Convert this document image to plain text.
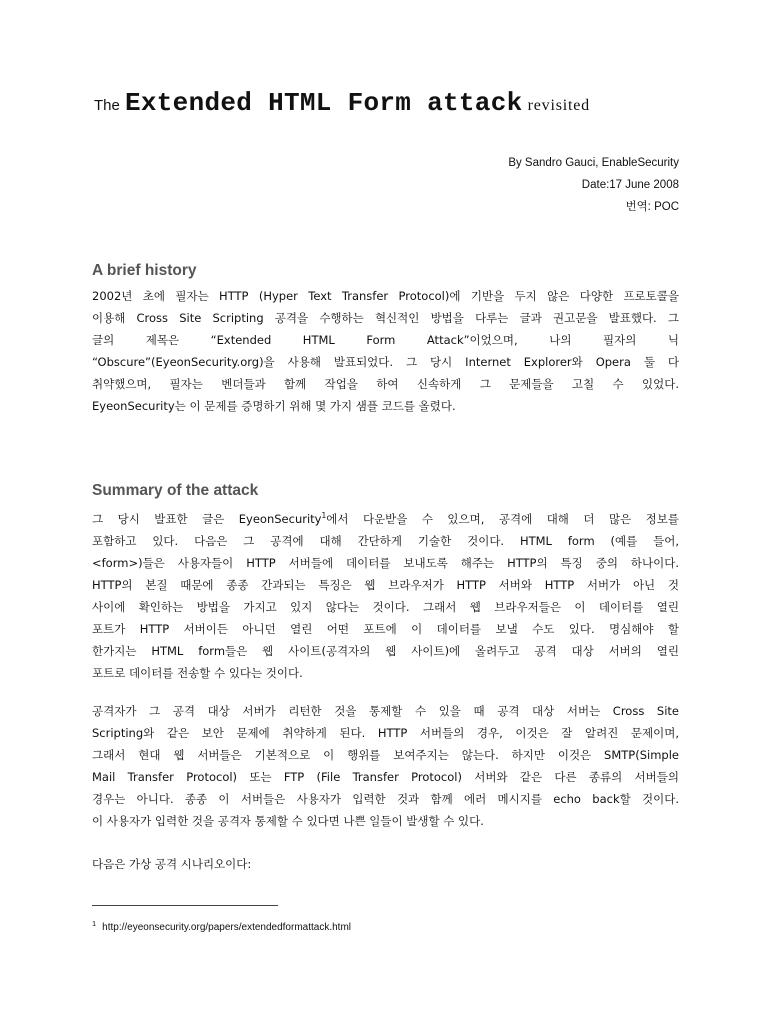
The Extended HTML Form attack revisited
By Sandro Gauci, EnableSecurity
Date:17 June 2008
번역: POC
A brief history
2002년 초에 필자는 HTTP (Hyper Text Transfer Protocol)에 기반을 두지 않은 다양한 프로토콜을
이용해 Cross Site Scripting 공격을 수행하는 혁신적인 방법을 다루는 글과 권고문을 발표했다. 그
글의 제목은 “Extended HTML Form Attack”이었으며, 나의 필자의 닉
“Obscure”(EyeonSecurity.org)을 사용해 발표되었다. 그 당시 Internet Explorer와 Opera 둘 다
취약했으며, 필자는 벤더들과 함께 작업을 하여 신속하게 그 문제들을 고칠 수 있었다.
EyeonSecurity는 이 문제를 증명하기 위해 몇 가지 샘플 코드를 올렸다.
Summary of the attack
그 당시 발표한 글은 EyeonSecurity$^1$에서 다운받을 수 있으며, 공격에 대해 더 많은 정보를
포함하고 있다. 다음은 그 공격에 대해 간단하게 기술한 것이다. HTML form (예를 들어,
<form>)들은 사용자들이 HTTP 서버들에 데이터를 보내도록 해주는 HTTP의 특징 중의 하나이다.
HTTP의 본질 때문에 종종 간과되는 특징은 웹 브라우저가 HTTP 서버와 HTTP 서버가 아닌 것
사이에 확인하는 방법을 가지고 있지 않다는 것이다. 그래서 웹 브라우저들은 이 데이터를 열린
포트가 HTTP 서버이든 아니던 열린 어떤 포트에 이 데이터를 보낼 수도 있다. 명심해야 할
한가지는 HTML form들은 웹 사이트(공격자의 웹 사이트)에 올려두고 공격 대상 서버의 열린
포트로 데이터를 전송할 수 있다는 것이다.
공격자가 그 공격 대상 서버가 리턴한 것을 통제할 수 있을 때 공격 대상 서버는 Cross Site
Scripting와 같은 보안 문제에 취약하게 된다. HTTP 서버들의 경우, 이것은 잘 알려진 문제이며,
그래서 현대 웹 서버들은 기본적으로 이 행위를 보여주지는 않는다. 하지만 이것은 SMTP(Simple
Mail Transfer Protocol) 또는 FTP (File Transfer Protocol) 서버와 같은 다른 종류의 서버들의
경우는 아니다. 종종 이 서버들은 사용자가 입력한 것과 함께 에러 메시지를 echo back할 것이다.
이 사용자가 입력한 것을 공격자 통제할 수 있다면 나쁜 일들이 발생할 수 있다.
다음은 가상 공격 시나리오이다:
$^1$ http://eyeonsecurity.org/papers/extendedformattack.html
